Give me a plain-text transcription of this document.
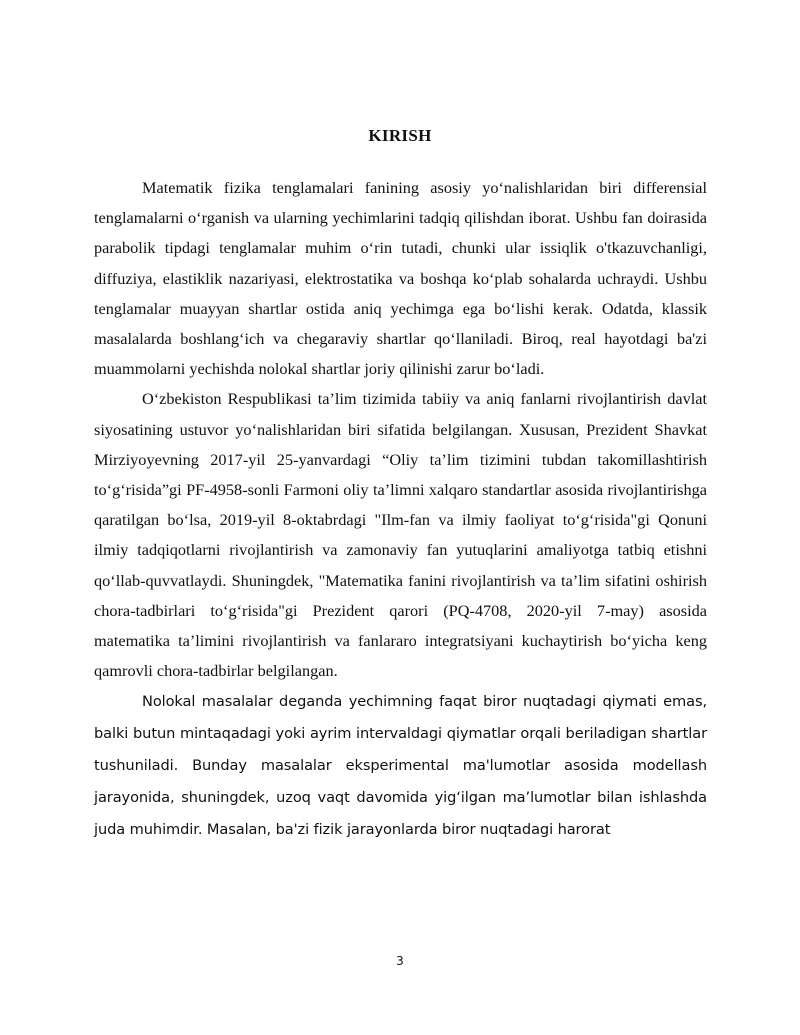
KIRISH

Matematik fizika tenglamalari fanining asosiy yo‘nalishlaridan biri differensial tenglamalarni o‘rganish va ularning yechimlarini tadqiq qilishdan iborat. Ushbu fan doirasida parabolik tipdagi tenglamalar muhim o‘rin tutadi, chunki ular issiqlik o'tkazuvchanligi, diffuziya, elastiklik nazariyasi, elektrostatika va boshqa ko‘plab sohalarda uchraydi. Ushbu tenglamalar muayyan shartlar ostida aniq yechimga ega bo‘lishi kerak. Odatda, klassik masalalarda boshlang‘ich va chegaraviy shartlar qo‘llaniladi. Biroq, real hayotdagi ba'zi muammolarni yechishda nolokal shartlar joriy qilinishi zarur bo‘ladi.

O‘zbekiston Respublikasi ta’lim tizimida tabiiy va aniq fanlarni rivojlantirish davlat siyosatining ustuvor yo‘nalishlaridan biri sifatida belgilangan. Xususan, Prezident Shavkat Mirziyoyevning 2017-yil 25-yanvardagi “Oliy ta’lim tizimini tubdan takomillashtirish to‘g‘risida”gi PF-4958-sonli Farmoni oliy ta’limni xalqaro standartlar asosida rivojlantirishga qaratilgan bo‘lsa, 2019-yil 8-oktabrdagi "Ilm-fan va ilmiy faoliyat to‘g‘risida"gi Qonuni ilmiy tadqiqotlarni rivojlantirish va zamonaviy fan yutuqlarini amaliyotga tatbiq etishni qo‘llab-quvvatlaydi. Shuningdek, "Matematika fanini rivojlantirish va ta’lim sifatini oshirish chora-tadbirlari to‘g‘risida"gi Prezident qarori (PQ-4708, 2020-yil 7-may) asosida matematika ta’limini rivojlantirish va fanlararo integratsiyani kuchaytirish bo‘yicha keng qamrovli chora-tadbirlar belgilangan.

Nolokal masalalar deganda yechimning faqat biror nuqtadagi qiymati emas, balki butun mintaqadagi yoki ayrim intervaldagi qiymatlar orqali beriladigan shartlar tushuniladi. Bunday masalalar eksperimental ma'lumotlar asosida modellash jarayonida, shuningdek, uzoq vaqt davomida yig‘ilgan ma’lumotlar bilan ishlashda juda muhimdir. Masalan, ba'zi fizik jarayonlarda biror nuqtadagi harorat

3
